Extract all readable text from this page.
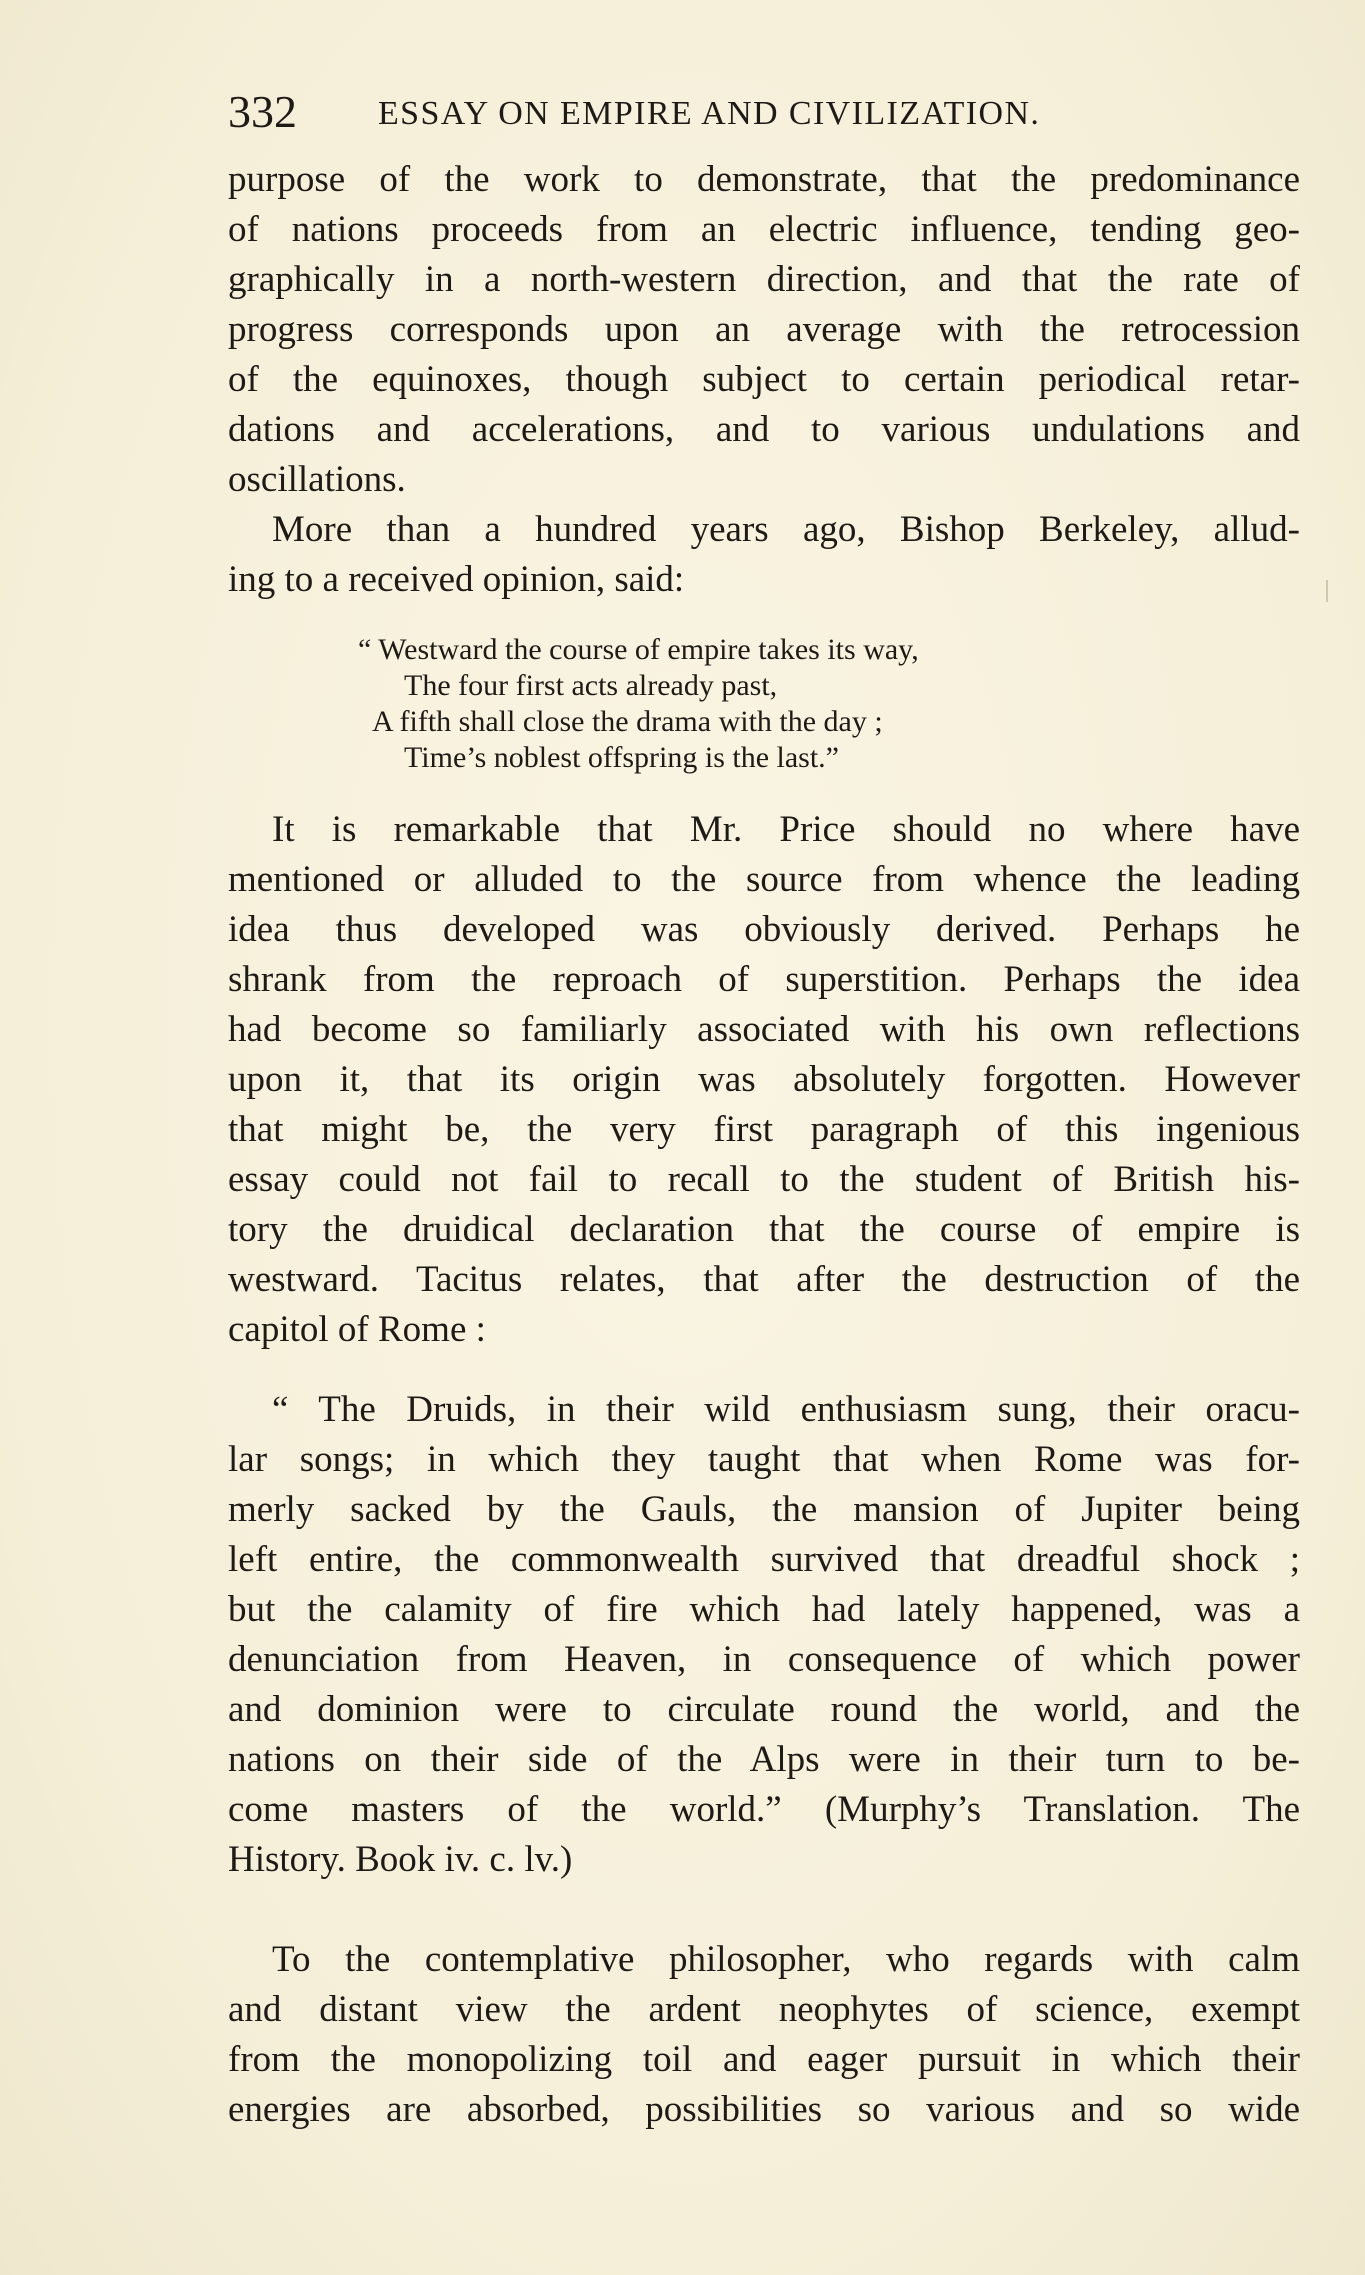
332 ESSAY ON EMPIRE AND CIVILIZATION.
purpose of the work to demonstrate, that the predominance
of nations proceeds from an electric influence, tending geo-
graphically in a north-western direction, and that the rate of
progress corresponds upon an average with the retrocession
of the equinoxes, though subject to certain periodical retar-
dations and accelerations, and to various undulations and
oscillations.
More than a hundred years ago, Bishop Berkeley, allud-
ing to a received opinion, said:
“ Westward the course of empire takes its way,
The four first acts already past,
A fifth shall close the drama with the day ;
Time’s noblest offspring is the last.”
It is remarkable that Mr. Price should no where have
mentioned or alluded to the source from whence the leading
idea thus developed was obviously derived. Perhaps he
shrank from the reproach of superstition. Perhaps the idea
had become so familiarly associated with his own reflections
upon it, that its origin was absolutely forgotten. However
that might be, the very first paragraph of this ingenious
essay could not fail to recall to the student of British his-
tory the druidical declaration that the course of empire is
westward. Tacitus relates, that after the destruction of the
capitol of Rome :
“ The Druids, in their wild enthusiasm sung, their oracu-
lar songs; in which they taught that when Rome was for-
merly sacked by the Gauls, the mansion of Jupiter being
left entire, the commonwealth survived that dreadful shock ;
but the calamity of fire which had lately happened, was a
denunciation from Heaven, in consequence of which power
and dominion were to circulate round the world, and the
nations on their side of the Alps were in their turn to be-
come masters of the world.” (Murphy’s Translation. The
History. Book iv. c. lv.)
To the contemplative philosopher, who regards with calm
and distant view the ardent neophytes of science, exempt
from the monopolizing toil and eager pursuit in which their
energies are absorbed, possibilities so various and so wide
